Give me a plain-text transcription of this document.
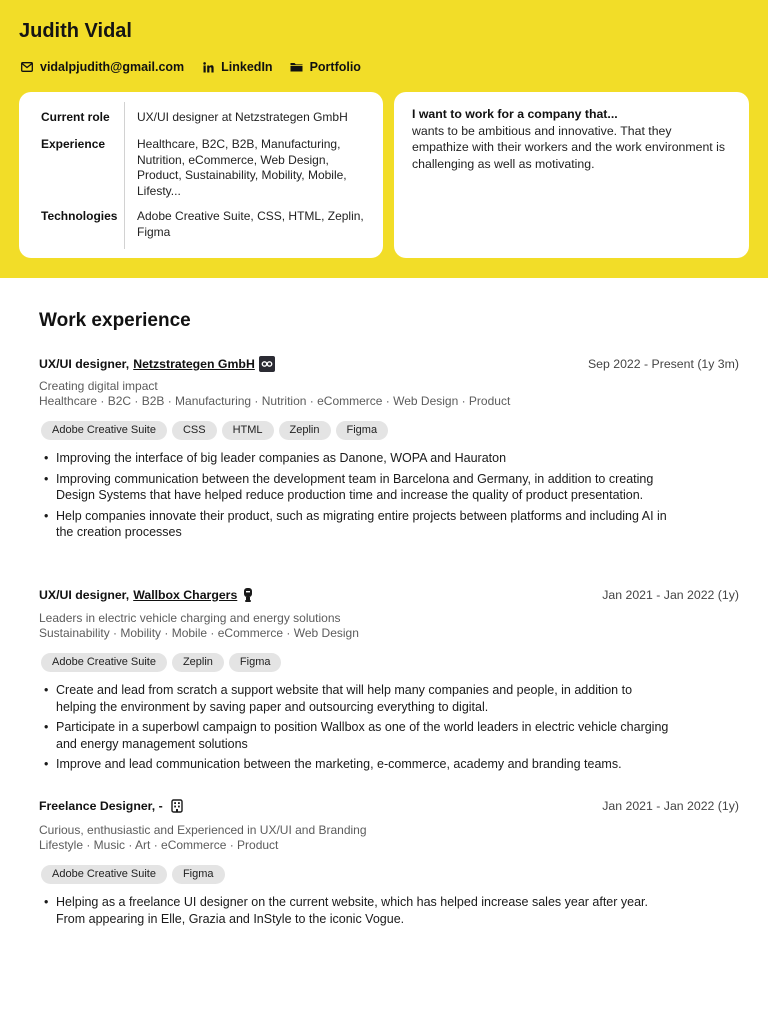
Judith Vidal
vidalpjudith@gmail.com	LinkedIn	Portfolio
Current role	UX/UI designer at Netzstrategen GmbH
Experience	Healthcare, B2C, B2B, Manufacturing, Nutrition, eCommerce, Web Design, Product, Sustainability, Mobility, Mobile, Lifesty...
Technologies	Adobe Creative Suite, CSS, HTML, Zeplin, Figma
I want to work for a company that...
wants to be ambitious and innovative. That they empathize with their workers and the work environment is challenging as well as motivating.
Work experience
UX/UI designer, Netzstrategen GmbH	Sep 2022 - Present (1y 3m)
Creating digital impact
Healthcare · B2C · B2B · Manufacturing · Nutrition · eCommerce · Web Design · Product
Adobe Creative Suite	CSS	HTML	Zeplin	Figma
• Improving the interface of big leader companies as Danone, WOPA and Hauraton
• Improving communication between the development team in Barcelona and Germany, in addition to creating Design Systems that have helped reduce production time and increase the quality of product presentation.
• Help companies innovate their product, such as migrating entire projects between platforms and including AI in the creation processes
UX/UI designer, Wallbox Chargers	Jan 2021 - Jan 2022 (1y)
Leaders in electric vehicle charging and energy solutions
Sustainability · Mobility · Mobile · eCommerce · Web Design
Adobe Creative Suite	Zeplin	Figma
• Create and lead from scratch a support website that will help many companies and people, in addition to helping the environment by saving paper and outsourcing everything to digital.
• Participate in a superbowl campaign to position Wallbox as one of the world leaders in electric vehicle charging and energy management solutions
• Improve and lead communication between the marketing, e-commerce, academy and branding teams.
Freelance Designer, -	Jan 2021 - Jan 2022 (1y)
Curious, enthusiastic and Experienced in UX/UI and Branding
Lifestyle · Music · Art · eCommerce · Product
Adobe Creative Suite	Figma
• Helping as a freelance UI designer on the current website, which has helped increase sales year after year. From appearing in Elle, Grazia and InStyle to the iconic Vogue.
